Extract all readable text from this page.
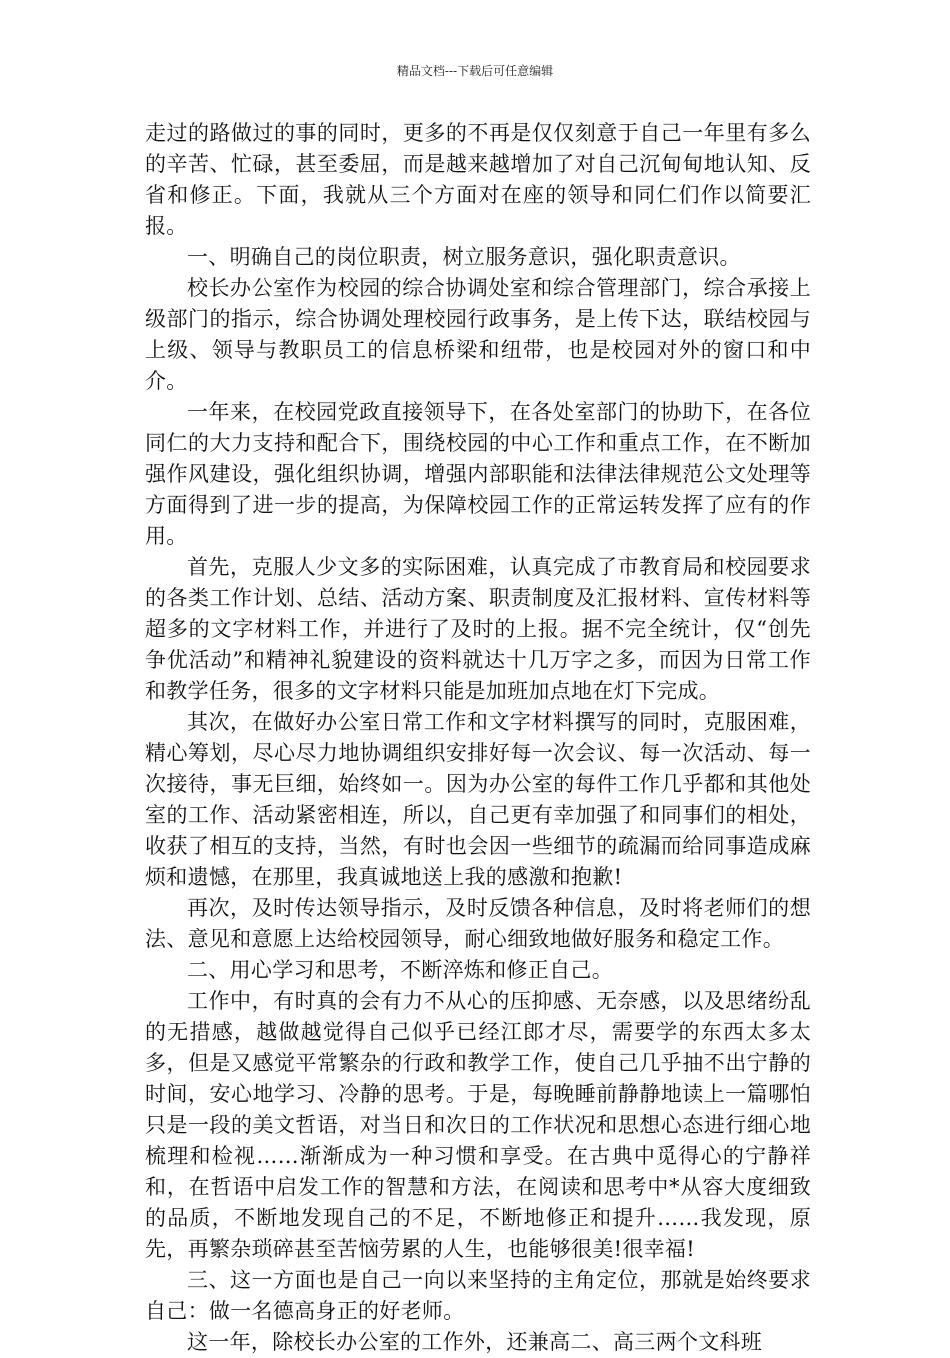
精品文档---下载后可任意编辑

走过的路做过的事的同时，更多的不再是仅仅刻意于自己一年里有多么的辛苦、忙碌，甚至委屈，而是越来越增加了对自己沉甸甸地认知、反省和修正。下面，我就从三个方面对在座的领导和同仁们作以简要汇报。

一、明确自己的岗位职责，树立服务意识，强化职责意识。

校长办公室作为校园的综合协调处室和综合管理部门，综合承接上级部门的指示，综合协调处理校园行政事务，是上传下达，联结校园与上级、领导与教职员工的信息桥梁和纽带，也是校园对外的窗口和中介。

一年来，在校园党政直接领导下，在各处室部门的协助下，在各位同仁的大力支持和配合下，围绕校园的中心工作和重点工作，在不断加强作风建设，强化组织协调，增强内部职能和法律法律规范公文处理等方面得到了进一步的提高，为保障校园工作的正常运转发挥了应有的作用。

首先，克服人少文多的实际困难，认真完成了市教育局和校园要求的各类工作计划、总结、活动方案、职责制度及汇报材料、宣传材料等超多的文字材料工作，并进行了及时的上报。据不完全统计，仅“创先争优活动”和精神礼貌建设的资料就达十几万字之多，而因为日常工作和教学任务，很多的文字材料只能是加班加点地在灯下完成。

其次，在做好办公室日常工作和文字材料撰写的同时，克服困难，精心筹划，尽心尽力地协调组织安排好每一次会议、每一次活动、每一次接待，事无巨细，始终如一。因为办公室的每件工作几乎都和其他处室的工作、活动紧密相连，所以，自己更有幸加强了和同事们的相处，收获了相互的支持，当然，有时也会因一些细节的疏漏而给同事造成麻烦和遗憾，在那里，我真诚地送上我的感激和抱歉!

再次，及时传达领导指示，及时反馈各种信息，及时将老师们的想法、意见和意愿上达给校园领导，耐心细致地做好服务和稳定工作。

二、用心学习和思考，不断淬炼和修正自己。

工作中，有时真的会有力不从心的压抑感、无奈感，以及思绪纷乱的无措感，越做越觉得自己似乎已经江郎才尽，需要学的东西太多太多，但是又感觉平常繁杂的行政和教学工作，使自己几乎抽不出宁静的时间，安心地学习、冷静的思考。于是，每晚睡前静静地读上一篇哪怕只是一段的美文哲语，对当日和次日的工作状况和思想心态进行细心地梳理和检视……渐渐成为一种习惯和享受。在古典中觅得心的宁静祥和，在哲语中启发工作的智慧和方法，在阅读和思考中*从容大度细致的品质，不断地发现自己的不足，不断地修正和提升……我发现，原先，再繁杂琐碎甚至苦恼劳累的人生，也能够很美!很幸福!

三、这一方面也是自己一向以来坚持的主角定位，那就是始终要求自己：做一名德高身正的好老师。

这一年，除校长办公室的工作外，还兼高二、高三两个文科班
